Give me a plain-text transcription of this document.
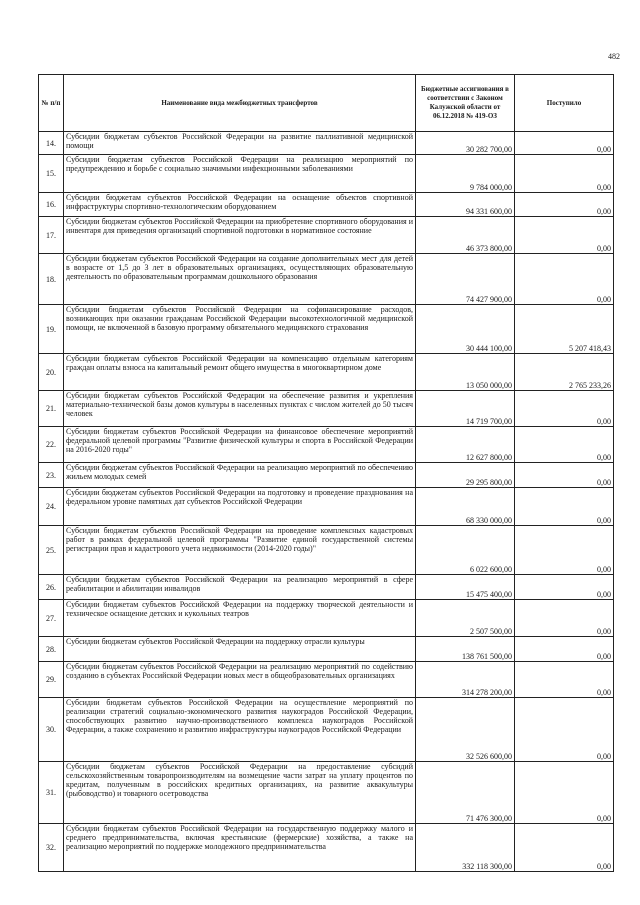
482
№ п/п	Наименование вида межбюджетных трансфертов	Бюджетные ассигнования в соответствии с Законом Калужской области от 06.12.2018 № 419-ОЗ	Поступило
14.	Субсидии бюджетам субъектов Российской Федерации на развитие паллиативной медицинской помощи	30 282 700,00	0,00
15.	Субсидии бюджетам субъектов Российской Федерации на реализацию мероприятий по предупреждению и борьбе с социально значимыми инфекционными заболеваниями	9 784 000,00	0,00
16.	Субсидии бюджетам субъектов Российской Федерации на оснащение объектов спортивной инфраструктуры спортивно-технологическим оборудованием	94 331 600,00	0,00
17.	Субсидии бюджетам субъектов Российской Федерации на приобретение спортивного оборудования и инвентаря для приведения организаций спортивной подготовки в нормативное состояние	46 373 800,00	0,00
18.	Субсидии бюджетам субъектов Российской Федерации на создание дополнительных мест для детей в возрасте от 1,5 до 3 лет в образовательных организациях, осуществляющих образовательную деятельность по образовательным программам дошкольного образования	74 427 900,00	0,00
19.	Субсидии бюджетам субъектов Российской Федерации на софинансирование расходов, возникающих при оказании гражданам Российской Федерации высокотехнологичной медицинской помощи, не включенной в базовую программу обязательного медицинского страхования	30 444 100,00	5 207 418,43
20.	Субсидии бюджетам субъектов Российской Федерации на компенсацию отдельным категориям граждан оплаты взноса на капитальный ремонт общего имущества в многоквартирном доме	13 050 000,00	2 765 233,26
21.	Субсидии бюджетам субъектов Российской Федерации на обеспечение развития и укрепления материально-технической базы домов культуры в населенных пунктах с числом жителей до 50 тысяч человек	14 719 700,00	0,00
22.	Субсидии бюджетам субъектов Российской Федерации на финансовое обеспечение мероприятий федеральной целевой программы "Развитие физической культуры и спорта в Российской Федерации на 2016-2020 годы"	12 627 800,00	0,00
23.	Субсидии бюджетам субъектов Российской Федерации на реализацию мероприятий по обеспечению жильем молодых семей	29 295 800,00	0,00
24.	Субсидии бюджетам субъектов Российской Федерации на подготовку и проведение празднования на федеральном уровне памятных дат субъектов Российской Федерации	68 330 000,00	0,00
25.	Субсидии бюджетам субъектов Российской Федерации на проведение комплексных кадастровых работ в рамках федеральной целевой программы "Развитие единой государственной системы регистрации прав и кадастрового учета недвижимости (2014-2020 годы)"	6 022 600,00	0,00
26.	Субсидии бюджетам субъектов Российской Федерации на реализацию мероприятий в сфере реабилитации и абилитации инвалидов	15 475 400,00	0,00
27.	Субсидии бюджетам субъектов Российской Федерации на поддержку творческой деятельности и техническое оснащение детских и кукольных театров	2 507 500,00	0,00
28.	Субсидии бюджетам субъектов Российской Федерации на поддержку отрасли культуры	138 761 500,00	0,00
29.	Субсидии бюджетам субъектов Российской Федерации на реализацию мероприятий по содействию созданию в субъектах Российской Федерации новых мест в общеобразовательных организациях	314 278 200,00	0,00
30.	Субсидии бюджетам субъектов Российской Федерации на осуществление мероприятий по реализации стратегий социально-экономического развития наукоградов Российской Федерации, способствующих развитию научно-производственного комплекса наукоградов Российской Федерации, а также сохранению и развитию инфраструктуры наукоградов Российской Федерации	32 526 600,00	0,00
31.	Субсидии бюджетам субъектов Российской Федерации на предоставление субсидий сельскохозяйственным товаропроизводителям на возмещение части затрат на уплату процентов по кредитам, полученным в российских кредитных организациях, на развитие аквакультуры (рыбоводство) и товарного осетроводства	71 476 300,00	0,00
32.	Субсидии бюджетам субъектов Российской Федерации на государственную поддержку малого и среднего предпринимательства, включая крестьянские (фермерские) хозяйства, а также на реализацию мероприятий по поддержке молодежного предпринимательства	332 118 300,00	0,00
